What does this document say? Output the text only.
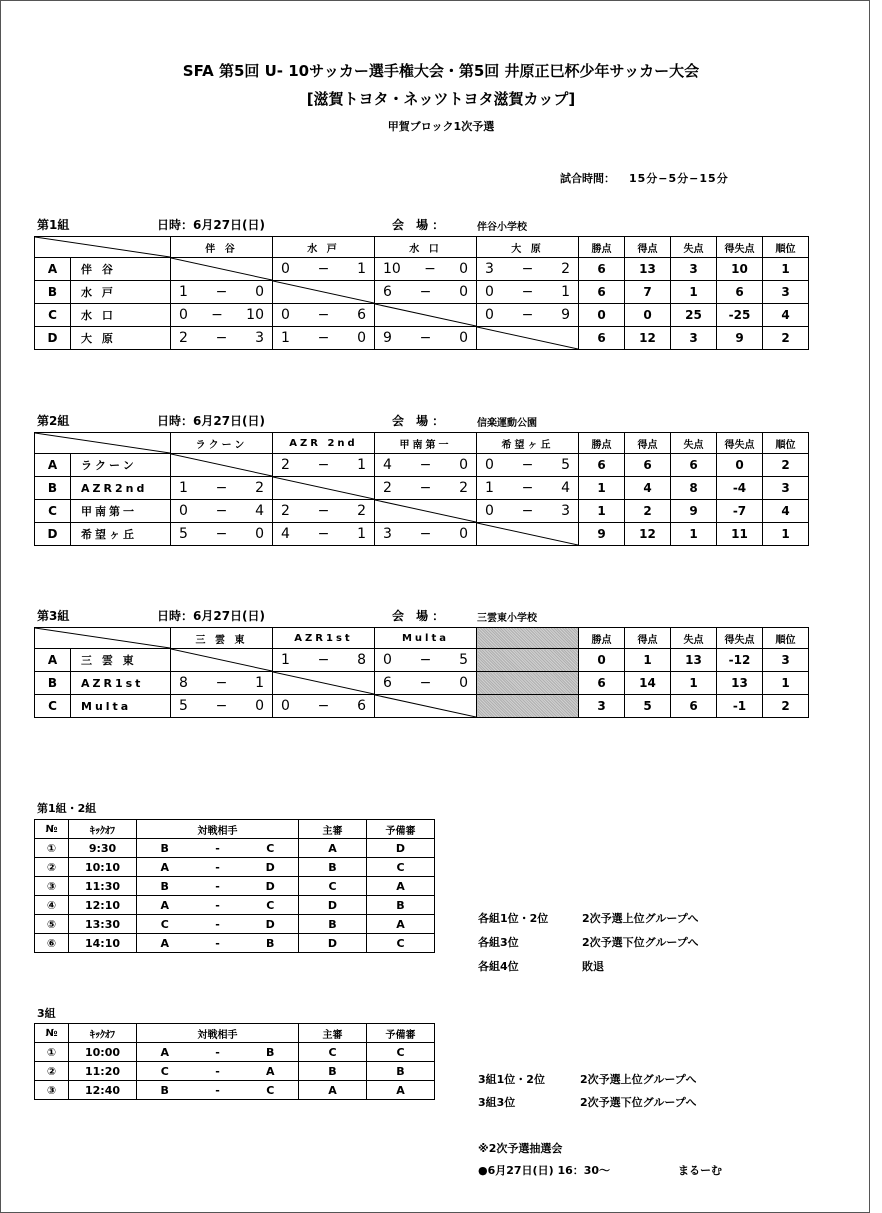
SFA 第5回 U- 10サッカー選手権大会・第5回 井原正巳杯少年サッカー大会
[滋賀トヨタ・ネッツトヨタ滋賀カップ]
甲賀ブロック1次予選
試合時間： 15分−5分−15分
第1組	日時：6月27日(日)	会 場：	伴谷小学校
	伴 谷	水 戸	水 口	大 原	勝点	得点	失点	得失点	順位
A	伴 谷		0 − 1	10 − 0	3 − 2	6	13	3	10	1
B	水 戸	1 − 0		6 − 0	0 − 1	6	7	1	6	3
C	水 口	0 − 10	0 − 6		0 − 9	0	0	25	-25	4
D	大 原	2 − 3	1 − 0	9 − 0		6	12	3	9	2
第2組	日時：6月27日(日)	会 場：	信楽運動公園
	ラクーン	AZR 2nd	甲南第一	希望ヶ丘	勝点	得点	失点	得失点	順位
A	ラクーン		2 − 1	4 − 0	0 − 5	6	6	6	0	2
B	AZR2nd	1 − 2		2 − 2	1 − 4	1	4	8	-4	3
C	甲南第一	0 − 4	2 − 2		0 − 3	1	2	9	-7	4
D	希望ヶ丘	5 − 0	4 − 1	3 − 0		9	12	1	11	1
第3組	日時：6月27日(日)	会 場：	三雲東小学校
	三 雲 東	AZR1st	Multa		勝点	得点	失点	得失点	順位
A	三 雲 東		1 − 8	0 − 5		0	1	13	-12	3
B	AZR1st	8 − 1		6 − 0		6	14	1	13	1
C	Multa	5 − 0	0 − 6			3	5	6	-1	2
第1組・2組
№	ｷｯｸｵﾌ	対戦相手			主審	予備審
①	9:30	B	-	C	A	D
②	10:10	A	-	D	B	C
③	11:30	B	-	D	C	A
④	12:10	A	-	C	D	B
⑤	13:30	C	-	D	B	A
⑥	14:10	A	-	B	D	C
各組1位・2位	2次予選上位グループへ
各組3位	2次予選下位グループへ
各組4位	敗退
3組
№	ｷｯｸｵﾌ	対戦相手			主審	予備審
①	10:00	A	-	B	C	C
②	11:20	C	-	A	B	B
③	12:40	B	-	C	A	A
3組1位・2位	2次予選上位グループへ
3組3位	2次予選下位グループへ
※2次予選抽選会
●6月27日(日) 16：30〜	まるーむ
